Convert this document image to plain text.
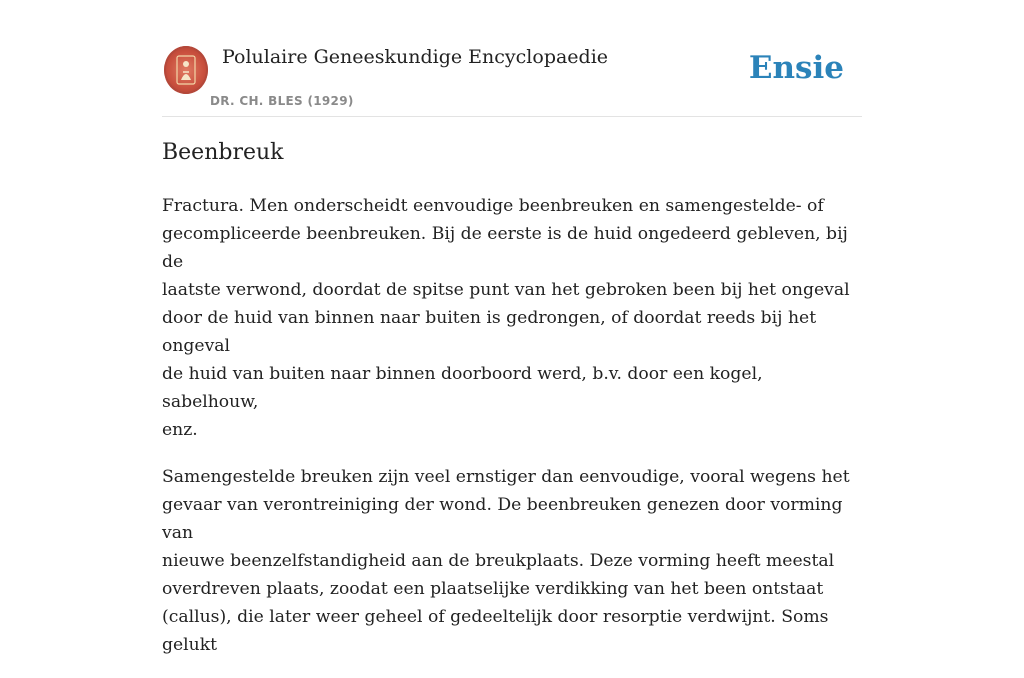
Polulaire Geneeskundige Encyclopaedie
DR. CH. BLES (1929)
Ensie
Beenbreuk

Fractura. Men onderscheidt eenvoudige beenbreuken en samengestelde- of
gecompliceerde beenbreuken. Bij de eerste is de huid ongedeerd gebleven, bij de
laatste verwond, doordat de spitse punt van het gebroken been bij het ongeval
door de huid van binnen naar buiten is gedrongen, of doordat reeds bij het ongeval
de huid van buiten naar binnen doorboord werd, b.v. door een kogel, sabelhouw,
enz.

Samengestelde breuken zijn veel ernstiger dan eenvoudige, vooral wegens het
gevaar van verontreiniging der wond. De beenbreuken genezen door vorming van
nieuwe beenzelfstandigheid aan de breukplaats. Deze vorming heeft meestal
overdreven plaats, zoodat een plaatselijke verdikking van het been ontstaat
(callus), die later weer geheel of gedeeltelijk door resorptie verdwijnt. Soms gelukt
